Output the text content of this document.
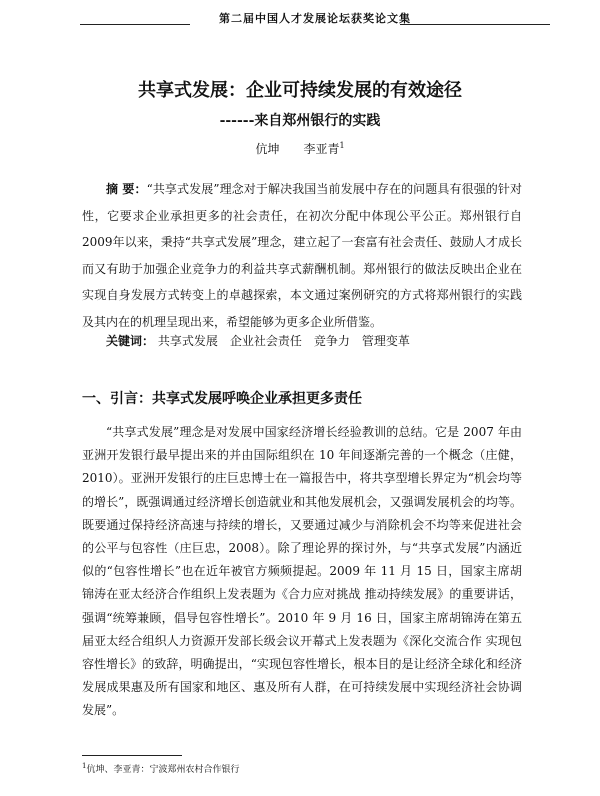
第二届中国人才发展论坛获奖论文集
共享式发展：企业可持续发展的有效途径
------来自郑州银行的实践
伉坤　　李亚青$^1$
摘 要：“共享式发展”理念对于解决我国当前发展中存在的问题具有很强的针对性，它要求企业承担更多的社会责任，在初次分配中体现公平公正。郑州银行自2009年以来，秉持“共享式发展”理念，建立起了一套富有社会责任、鼓励人才成长而又有助于加强企业竞争力的利益共享式薪酬机制。郑州银行的做法反映出企业在实现自身发展方式转变上的卓越探索，本文通过案例研究的方式将郑州银行的实践及其内在的机理呈现出来，希望能够为更多企业所借鉴。
关键词： 共享式发展　企业社会责任　竞争力　管理变革
一、引言：共享式发展呼唤企业承担更多责任
“共享式发展”理念是对发展中国家经济增长经验教训的总结。它是 2007 年由亚洲开发银行最早提出来的并由国际组织在 10 年间逐渐完善的一个概念（庄健，2010）。亚洲开发银行的庄巨忠博士在一篇报告中，将共享型增长界定为“机会均等的增长”，既强调通过经济增长创造就业和其他发展机会，又强调发展机会的均等。既要通过保持经济高速与持续的增长，又要通过减少与消除机会不均等来促进社会的公平与包容性（庄巨忠，2008）。除了理论界的探讨外，与“共享式发展”内涵近似的“包容性增长”也在近年被官方频频提起。2009 年 11 月 15 日，国家主席胡锦涛在亚太经济合作组织上发表题为《合力应对挑战 推动持续发展》的重要讲话，强调“统筹兼顾，倡导包容性增长”。2010 年 9 月 16 日，国家主席胡锦涛在第五届亚太经合组织人力资源开发部长级会议开幕式上发表题为《深化交流合作 实现包容性增长》的致辞，明确提出，“实现包容性增长，根本目的是让经济全球化和经济发展成果惠及所有国家和地区、惠及所有人群，在可持续发展中实现经济社会协调发展”。
$^1$伉坤、李亚青：宁波郑州农村合作银行
